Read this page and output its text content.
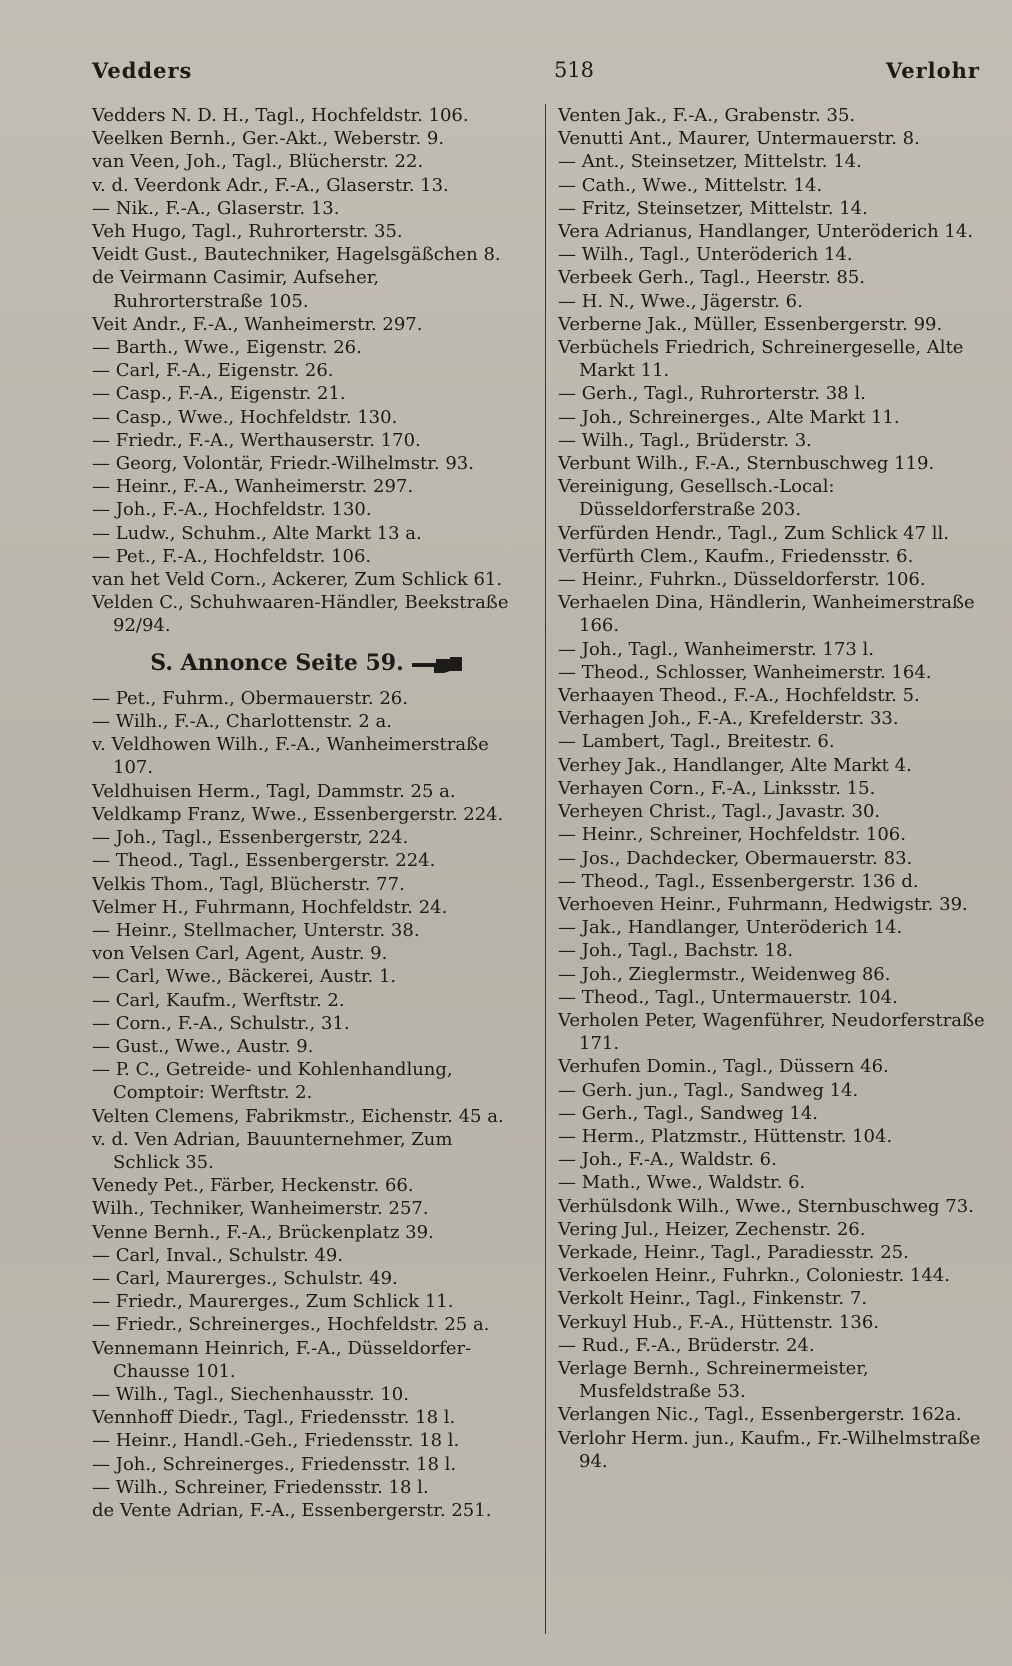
Vedders	518	Verlohr

Vedders N. D. H., Tagl., Hochfeldstr. 106.

Veelken Bernh., Ger.-Akt., Weberstr. 9.

van Veen, Joh., Tagl., Blücherstr. 22.

v. d. Veerdonk Adr., F.-A., Glaserstr. 13.

— Nik., F.-A., Glaserstr. 13.

Veh Hugo, Tagl., Ruhrorterstr. 35.

Veidt Gust., Bautechniker, Hagelsgäßchen 8.

de Veirmann Casimir, Aufseher, Ruhrorterstraße 105.

Veit Andr., F.-A., Wanheimerstr. 297.

— Barth., Wwe., Eigenstr. 26.

— Carl, F.-A., Eigenstr. 26.

— Casp., F.-A., Eigenstr. 21.

— Casp., Wwe., Hochfeldstr. 130.

— Friedr., F.-A., Werthauserstr. 170.

— Georg, Volontär, Friedr.-Wilhelmstr. 93.

— Heinr., F.-A., Wanheimerstr. 297.

— Joh., F.-A., Hochfeldstr. 130.

— Ludw., Schuhm., Alte Markt 13 a.

— Pet., F.-A., Hochfeldstr. 106.

van het Veld Corn., Ackerer, Zum Schlick 61.

Velden C., Schuhwaaren-Händler, Beekstraße 92/94.

S. Annonce Seite 59.

— Pet., Fuhrm., Obermauerstr. 26.

— Wilh., F.-A., Charlottenstr. 2 a.

v. Veldhowen Wilh., F.-A., Wanheimerstraße 107.

Veldhuisen Herm., Tagl, Dammstr. 25 a.

Veldkamp Franz, Wwe., Essenbergerstr. 224.

— Joh., Tagl., Essenbergerstr, 224.

— Theod., Tagl., Essenbergerstr. 224.

Velkis Thom., Tagl, Blücherstr. 77.

Velmer H., Fuhrmann, Hochfeldstr. 24.

— Heinr., Stellmacher, Unterstr. 38.

von Velsen Carl, Agent, Austr. 9.

— Carl, Wwe., Bäckerei, Austr. 1.

— Carl, Kaufm., Werftstr. 2.

— Corn., F.-A., Schulstr., 31.

— Gust., Wwe., Austr. 9.

— P. C., Getreide- und Kohlenhandlung, Comptoir: Werftstr. 2.

Velten Clemens, Fabrikmstr., Eichenstr. 45 a.

v. d. Ven Adrian, Bauunternehmer, Zum Schlick 35.

Venedy Pet., Färber, Heckenstr. 66.

Wilh., Techniker, Wanheimerstr. 257.

Venne Bernh., F.-A., Brückenplatz 39.

— Carl, Inval., Schulstr. 49.

— Carl, Maurerges., Schulstr. 49.

— Friedr., Maurerges., Zum Schlick 11.

— Friedr., Schreinerges., Hochfeldstr. 25 a.

Vennemann Heinrich, F.-A., Düsseldorfer-Chausse 101.

— Wilh., Tagl., Siechenhausstr. 10.

Vennhoff Diedr., Tagl., Friedensstr. 18 l.

— Heinr., Handl.-Geh., Friedensstr. 18 l.

— Joh., Schreinerges., Friedensstr. 18 l.

— Wilh., Schreiner, Friedensstr. 18 l.

de Vente Adrian, F.-A., Essenbergerstr. 251.

Venten Jak., F.-A., Grabenstr. 35.

Venutti Ant., Maurer, Untermauerstr. 8.

— Ant., Steinsetzer, Mittelstr. 14.

— Cath., Wwe., Mittelstr. 14.

— Fritz, Steinsetzer, Mittelstr. 14.

Vera Adrianus, Handlanger, Unteröderich 14.

— Wilh., Tagl., Unteröderich 14.

Verbeek Gerh., Tagl., Heerstr. 85.

— H. N., Wwe., Jägerstr. 6.

Verberne Jak., Müller, Essenbergerstr. 99.

Verbüchels Friedrich, Schreinergeselle, Alte Markt 11.

— Gerh., Tagl., Ruhrorterstr. 38 l.

— Joh., Schreinerges., Alte Markt 11.

— Wilh., Tagl., Brüderstr. 3.

Verbunt Wilh., F.-A., Sternbuschweg 119.

Vereinigung, Gesellsch.-Local: Düsseldorferstraße 203.

Verfürden Hendr., Tagl., Zum Schlick 47 ll.

Verfürth Clem., Kaufm., Friedensstr. 6.

— Heinr., Fuhrkn., Düsseldorferstr. 106.

Verhaelen Dina, Händlerin, Wanheimerstraße 166.

— Joh., Tagl., Wanheimerstr. 173 l.

— Theod., Schlosser, Wanheimerstr. 164.

Verhaayen Theod., F.-A., Hochfeldstr. 5.

Verhagen Joh., F.-A., Krefelderstr. 33.

— Lambert, Tagl., Breitestr. 6.

Verhey Jak., Handlanger, Alte Markt 4.

Verhayen Corn., F.-A., Linksstr. 15.

Verheyen Christ., Tagl., Javastr. 30.

— Heinr., Schreiner, Hochfeldstr. 106.

— Jos., Dachdecker, Obermauerstr. 83.

— Theod., Tagl., Essenbergerstr. 136 d.

Verhoeven Heinr., Fuhrmann, Hedwigstr. 39.

— Jak., Handlanger, Unteröderich 14.

— Joh., Tagl., Bachstr. 18.

— Joh., Zieglermstr., Weidenweg 86.

— Theod., Tagl., Untermauerstr. 104.

Verholen Peter, Wagenführer, Neudorferstraße 171.

Verhufen Domin., Tagl., Düssern 46.

— Gerh. jun., Tagl., Sandweg 14.

— Gerh., Tagl., Sandweg 14.

— Herm., Platzmstr., Hüttenstr. 104.

— Joh., F.-A., Waldstr. 6.

— Math., Wwe., Waldstr. 6.

Verhülsdonk Wilh., Wwe., Sternbuschweg 73.

Vering Jul., Heizer, Zechenstr. 26.

Verkade, Heinr., Tagl., Paradiesstr. 25.

Verkoelen Heinr., Fuhrkn., Coloniestr. 144.

Verkolt Heinr., Tagl., Finkenstr. 7.

Verkuyl Hub., F.-A., Hüttenstr. 136.

— Rud., F.-A., Brüderstr. 24.

Verlage Bernh., Schreinermeister, Musfeldstraße 53.

Verlangen Nic., Tagl., Essenbergerstr. 162a.

Verlohr Herm. jun., Kaufm., Fr.-Wilhelmstraße 94.
